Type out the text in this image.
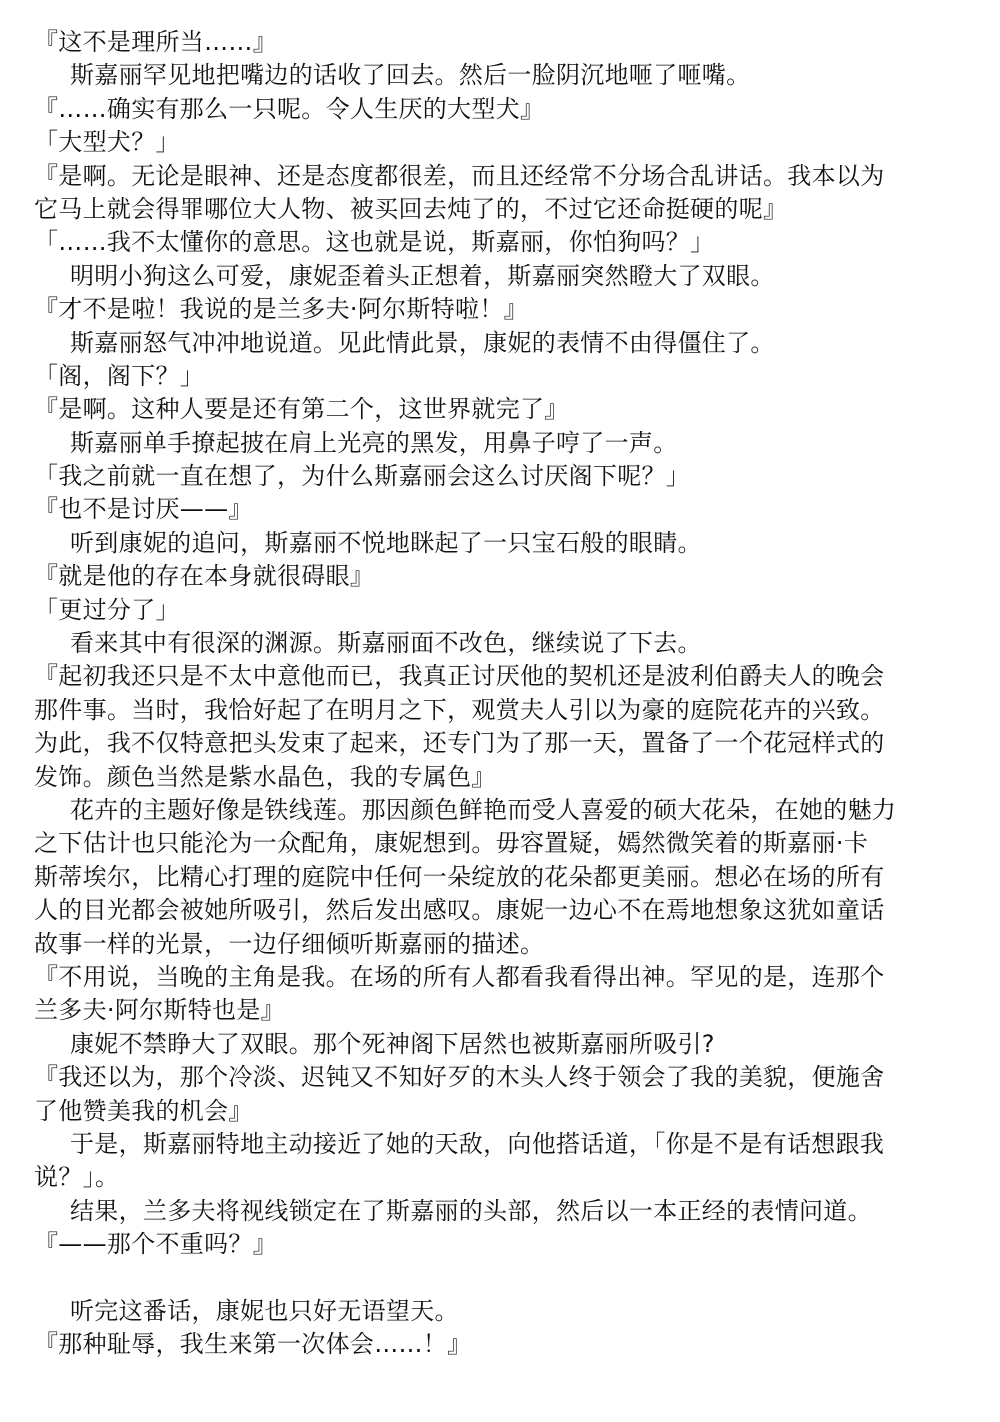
『这不是理所当……』
斯嘉丽罕见地把嘴边的话收了回去。然后一脸阴沉地咂了咂嘴。
『……确实有那么一只呢。令人生厌的大型犬』
「大型犬？」
『是啊。无论是眼神、还是态度都很差，而且还经常不分场合乱讲话。我本以为
它马上就会得罪哪位大人物、被买回去炖了的，不过它还命挺硬的呢』
「……我不太懂你的意思。这也就是说，斯嘉丽，你怕狗吗？」
明明小狗这么可爱，康妮歪着头正想着，斯嘉丽突然瞪大了双眼。
『才不是啦！我说的是兰多夫·阿尔斯特啦！』
斯嘉丽怒气冲冲地说道。见此情此景，康妮的表情不由得僵住了。
「阁，阁下？」
『是啊。这种人要是还有第二个，这世界就完了』
斯嘉丽单手撩起披在肩上光亮的黑发，用鼻子哼了一声。
「我之前就一直在想了，为什么斯嘉丽会这么讨厌阁下呢？」
『也不是讨厌——』
听到康妮的追问，斯嘉丽不悦地眯起了一只宝石般的眼睛。
『就是他的存在本身就很碍眼』
「更过分了」
看来其中有很深的渊源。斯嘉丽面不改色，继续说了下去。
『起初我还只是不太中意他而已，我真正讨厌他的契机还是波利伯爵夫人的晚会
那件事。当时，我恰好起了在明月之下，观赏夫人引以为豪的庭院花卉的兴致。
为此，我不仅特意把头发束了起来，还专门为了那一天，置备了一个花冠样式的
发饰。颜色当然是紫水晶色，我的专属色』
花卉的主题好像是铁线莲。那因颜色鲜艳而受人喜爱的硕大花朵，在她的魅力
之下估计也只能沦为一众配角，康妮想到。毋容置疑，嫣然微笑着的斯嘉丽·卡
斯蒂埃尔，比精心打理的庭院中任何一朵绽放的花朵都更美丽。想必在场的所有
人的目光都会被她所吸引，然后发出感叹。康妮一边心不在焉地想象这犹如童话
故事一样的光景，一边仔细倾听斯嘉丽的描述。
『不用说，当晚的主角是我。在场的所有人都看我看得出神。罕见的是，连那个
兰多夫·阿尔斯特也是』
康妮不禁睁大了双眼。那个死神阁下居然也被斯嘉丽所吸引?
『我还以为，那个冷淡、迟钝又不知好歹的木头人终于领会了我的美貌，便施舍
了他赞美我的机会』
于是，斯嘉丽特地主动接近了她的天敌，向他搭话道，「你是不是有话想跟我
说？」。
结果，兰多夫将视线锁定在了斯嘉丽的头部，然后以一本正经的表情问道。
『——那个不重吗？』
听完这番话，康妮也只好无语望天。
『那种耻辱，我生来第一次体会……！』
